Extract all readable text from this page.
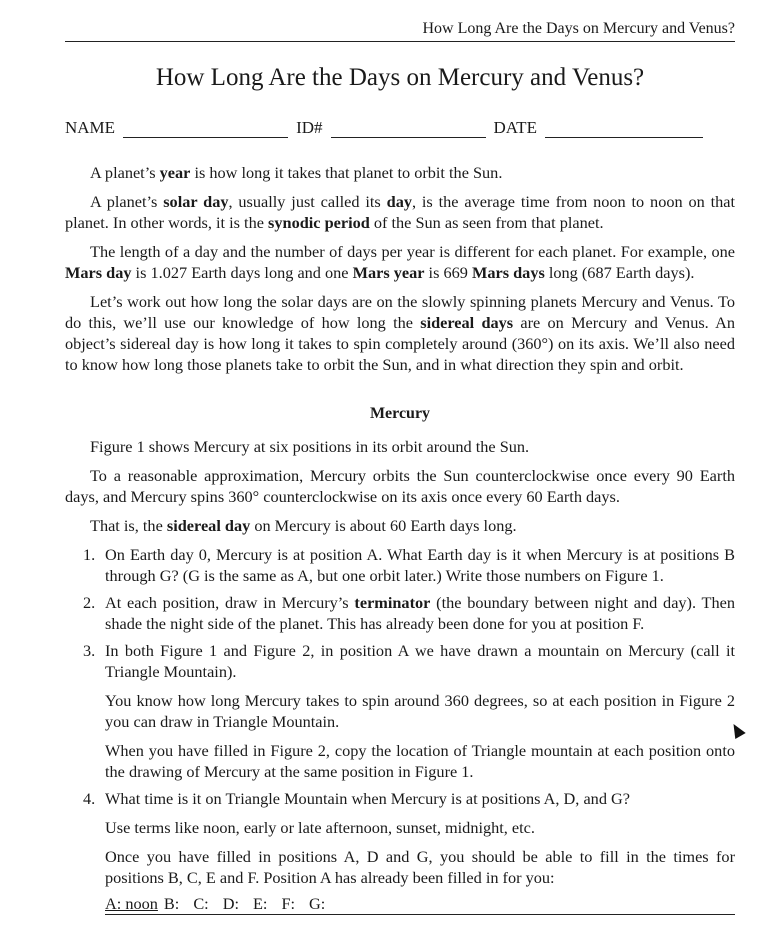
How Long Are the Days on Mercury and Venus?
How Long Are the Days on Mercury and Venus?
NAME	ID#	DATE

A planet’s year is how long it takes that planet to orbit the Sun.

A planet’s solar day, usually just called its day, is the average time from noon to noon on that planet. In other words, it is the synodic period of the Sun as seen from that planet.

The length of a day and the number of days per year is different for each planet. For example, one Mars day is 1.027 Earth days long and one Mars year is 669 Mars days long (687 Earth days).

Let’s work out how long the solar days are on the slowly spinning planets Mercury and Venus. To do this, we’ll use our knowledge of how long the sidereal days are on Mercury and Venus. An object’s sidereal day is how long it takes to spin completely around (360°) on its axis. We’ll also need to know how long those planets take to orbit the Sun, and in what direction they spin and orbit.

Mercury

Figure 1 shows Mercury at six positions in its orbit around the Sun.

To a reasonable approximation, Mercury orbits the Sun counterclockwise once every 90 Earth days, and Mercury spins 360° counterclockwise on its axis once every 60 Earth days.

That is, the sidereal day on Mercury is about 60 Earth days long.

1. On Earth day 0, Mercury is at position A. What Earth day is it when Mercury is at positions B through G? (G is the same as A, but one orbit later.) Write those numbers on Figure 1.

2. At each position, draw in Mercury’s terminator (the boundary between night and day). Then shade the night side of the planet. This has already been done for you at position F.

3. In both Figure 1 and Figure 2, in position A we have drawn a mountain on Mercury (call it Triangle Mountain).

You know how long Mercury takes to spin around 360 degrees, so at each position in Figure 2 you can draw in Triangle Mountain.

When you have filled in Figure 2, copy the location of Triangle mountain at each position onto the drawing of Mercury at the same position in Figure 1.

4. What time is it on Triangle Mountain when Mercury is at positions A, D, and G?

Use terms like noon, early or late afternoon, sunset, midnight, etc.

Once you have filled in positions A, D and G, you should be able to fill in the times for positions B, C, E and F. Position A has already been filled in for you:

A: noon B: C: D: E: F: G:
